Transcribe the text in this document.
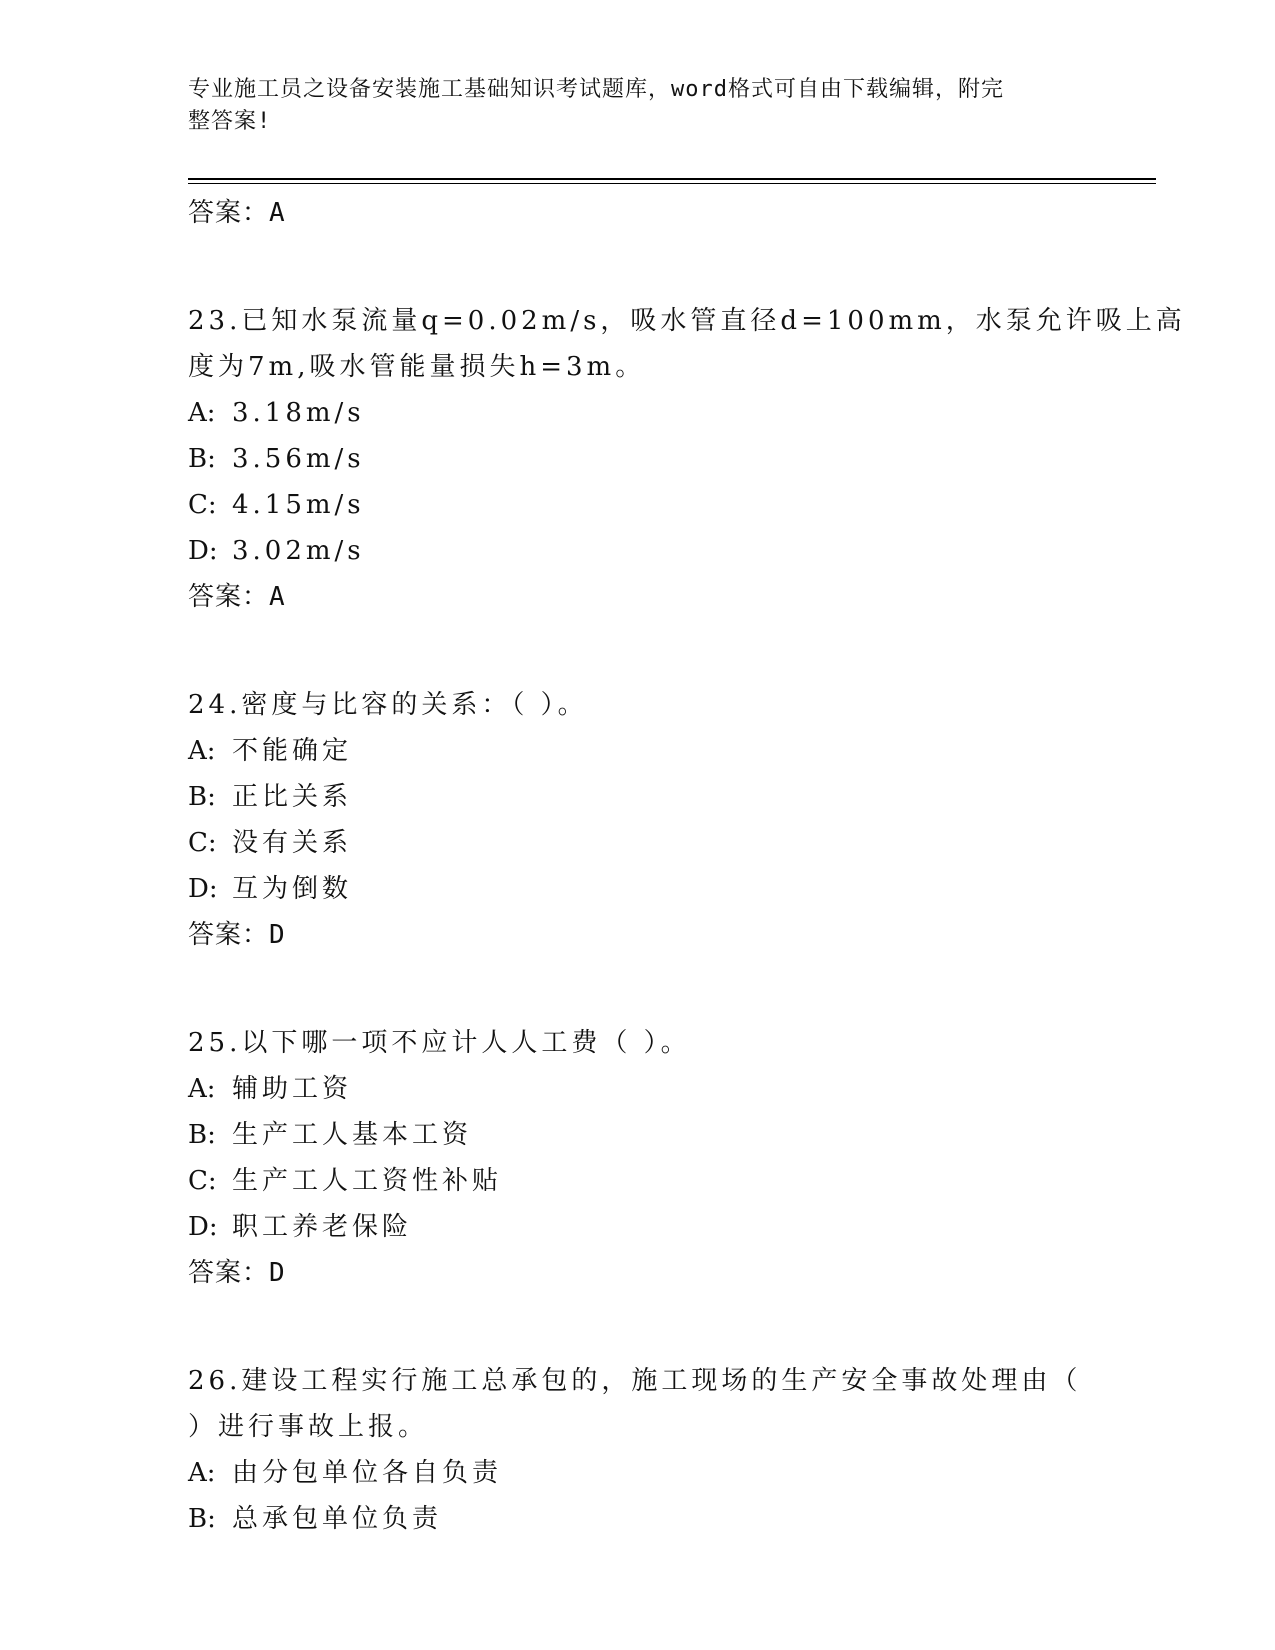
专业施工员之设备安装施工基础知识考试题库，word格式可自由下载编辑，附完
整答案!
答案：A
23.已知水泵流量q=0.02m/s，吸水管直径d=100mm，水泵允许吸上高
度为7m,吸水管能量损失h=3m。
A: 3.18m/s
B: 3.56m/s
C: 4.15m/s
D: 3.02m/s
答案：A
24.密度与比容的关系：（ ）。
A: 不能确定
B: 正比关系
C: 没有关系
D: 互为倒数
答案：D
25.以下哪一项不应计人人工费（ ）。
A: 辅助工资
B: 生产工人基本工资
C: 生产工人工资性补贴
D: 职工养老保险
答案：D
26.建设工程实行施工总承包的，施工现场的生产安全事故处理由（
）进行事故上报。
A: 由分包单位各自负责
B: 总承包单位负责
